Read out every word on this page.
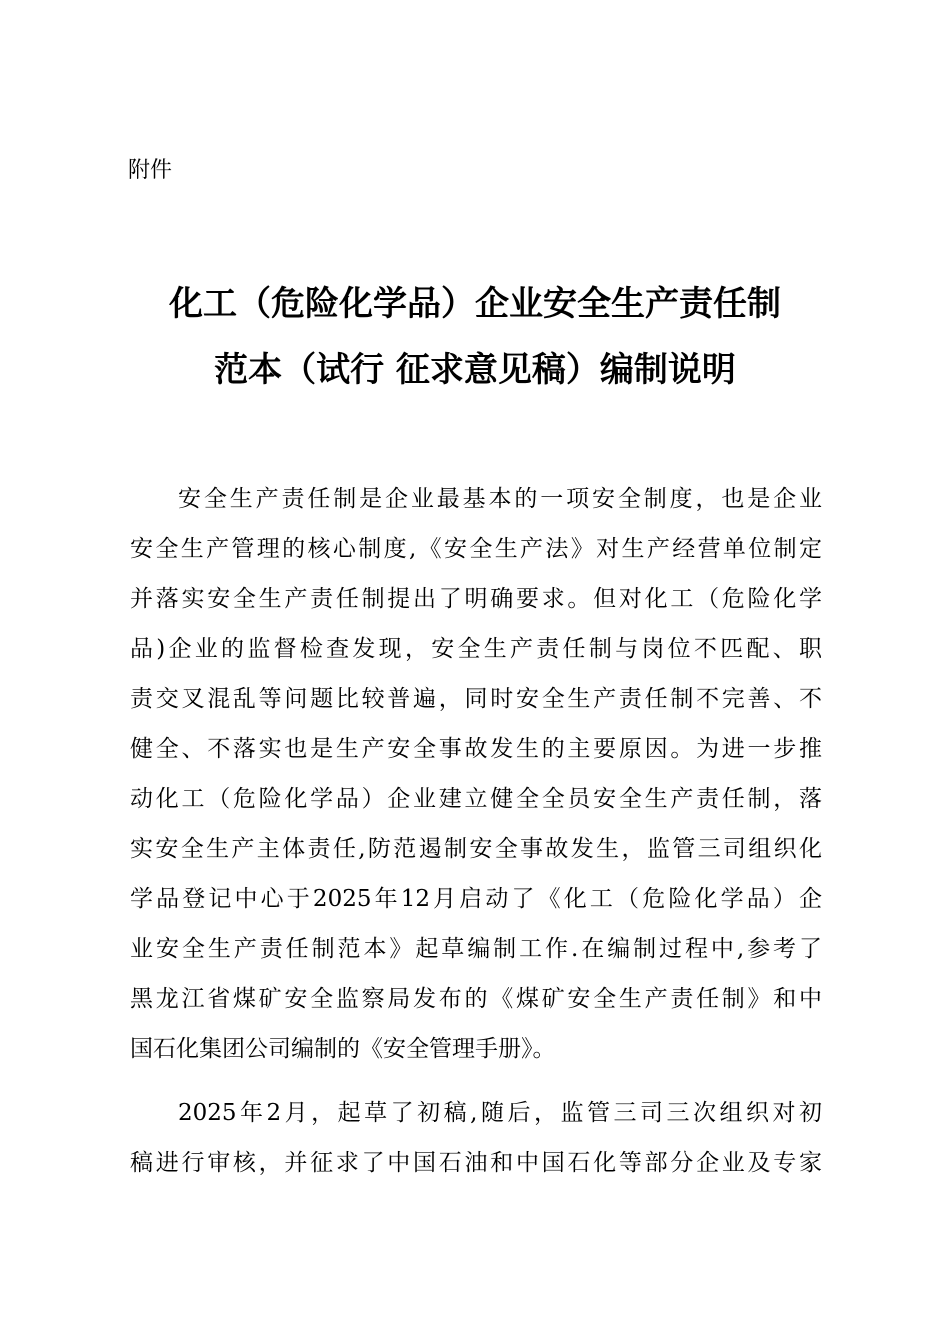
附件
化工（危险化学品）企业安全生产责任制
范本（试行 征求意见稿）编制说明
安全生产责任制是企业最基本的一项安全制度，也是企业
安全生产管理的核心制度,《安全生产法》对生产经营单位制定
并落实安全生产责任制提出了明确要求。但对化工（危险化学
品)企业的监督检查发现，安全生产责任制与岗位不匹配、职
责交叉混乱等问题比较普遍，同时安全生产责任制不完善、不
健全、不落实也是生产安全事故发生的主要原因。为进一步推
动化工（危险化学品）企业建立健全全员安全生产责任制，落
实安全生产主体责任,防范遏制安全事故发生，监管三司组织化
学品登记中心于2025年12月启动了《化工（危险化学品）企
业安全生产责任制范本》起草编制工作.在编制过程中,参考了
黑龙江省煤矿安全监察局发布的《煤矿安全生产责任制》和中
国石化集团公司编制的《安全管理手册》。
2025年2月，起草了初稿,随后，监管三司三次组织对初
稿进行审核，并征求了中国石油和中国石化等部分企业及专家
